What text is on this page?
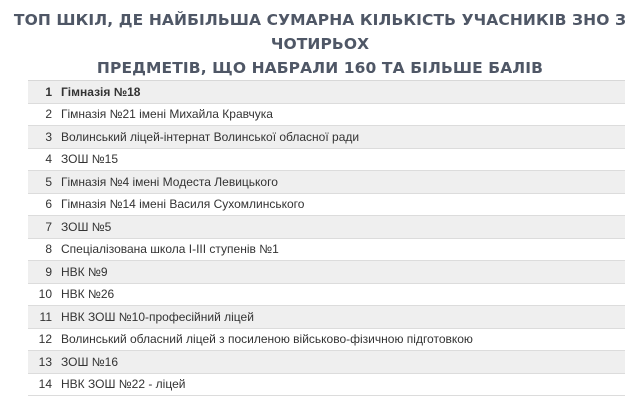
ТОП ШКІЛ, ДЕ НАЙБІЛЬША СУМАРНА КІЛЬКІСТЬ УЧАСНИКІВ ЗНО З ЧОТИРЬОХ
ПРЕДМЕТІВ, ЩО НАБРАЛИ 160 ТА БІЛЬШЕ БАЛІВ
1 Гімназія №18
2 Гімназія №21 імені Михайла Кравчука
3 Волинський ліцей-інтернат Волинської обласної ради
4 ЗОШ №15
5 Гімназія №4 імені Модеста Левицького
6 Гімназія №14 імені Василя Сухомлинського
7 ЗОШ №5
8 Спеціалізована школа І-ІІІ ступенів №1
9 НВК №9
10 НВК №26
11 НВК ЗОШ №10-професійний ліцей
12 Волинський обласний ліцей з посиленою військово-фізичною підготовкою
13 ЗОШ №16
14 НВК ЗОШ №22 - ліцей
